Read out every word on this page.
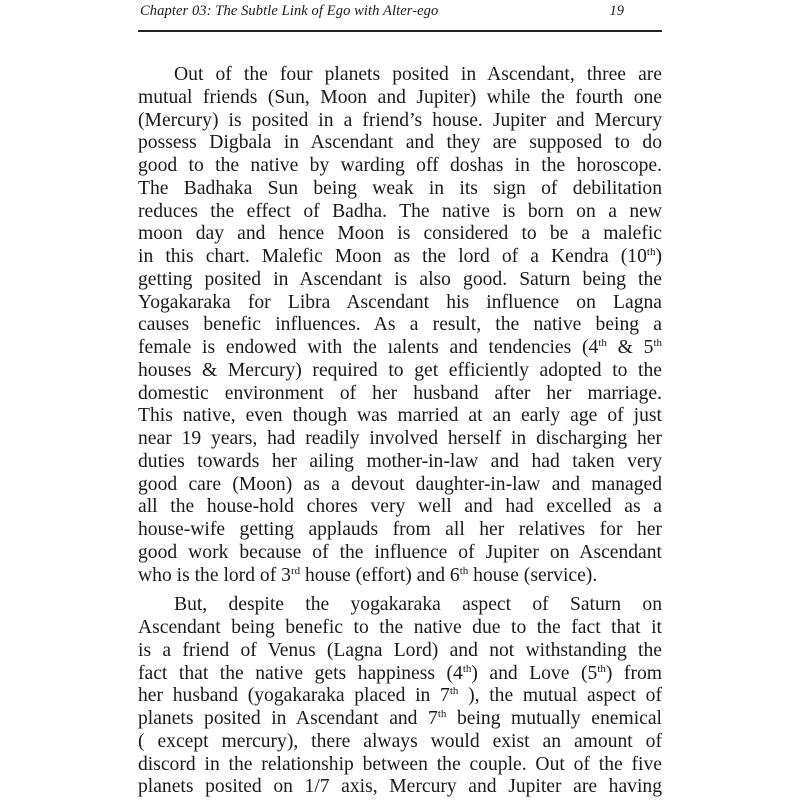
Chapter 03: The Subtle Link of Ego with Alter-ego	19

Out of the four planets posited in Ascendant, three are
mutual friends (Sun, Moon and Jupiter) while the fourth one
(Mercury) is posited in a friend’s house. Jupiter and Mercury
possess Digbala in Ascendant and they are supposed to do
good to the native by warding off doshas in the horoscope.
The Badhaka Sun being weak in its sign of debilitation
reduces the effect of Badha. The native is born on a new
moon day and hence Moon is considered to be a malefic
in this chart. Malefic Moon as the lord of a Kendra (10th)
getting posited in Ascendant is also good. Saturn being the
Yogakaraka for Libra Ascendant his influence on Lagna
causes benefic influences. As a result, the native being a
female is endowed with the ıalents and tendencies (4th & 5th
houses & Mercury) required to get efficiently adopted to the
domestic environment of her husband after her marriage.
This native, even though was married at an early age of just
near 19 years, had readily involved herself in discharging her
duties towards her ailing mother-in-law and had taken very
good care (Moon) as a devout daughter-in-law and managed
all the house-hold chores very well and had excelled as a
house-wife getting applauds from all her relatives for her
good work because of the influence of Jupiter on Ascendant
who is the lord of 3rd house (effort) and 6th house (service).

But, despite the yogakaraka aspect of Saturn on
Ascendant being benefic to the native due to the fact that it
is a friend of Venus (Lagna Lord) and not withstanding the
fact that the native gets happiness (4th) and Love (5th) from
her husband (yogakaraka placed in 7th ), the mutual aspect of
planets posited in Ascendant and 7th being mutually enemical
( except mercury), there always would exist an amount of
discord in the relationship between the couple. Out of the five
planets posited on 1/7 axis, Mercury and Jupiter are having
